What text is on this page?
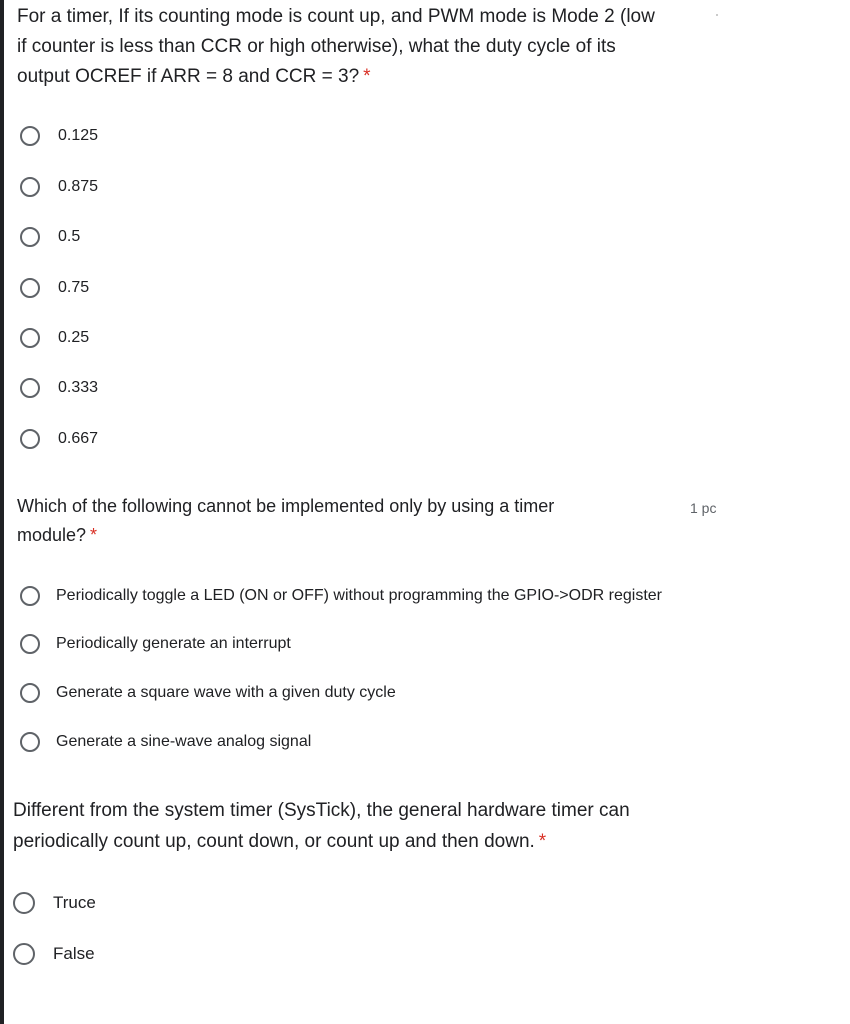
For a timer, If its counting mode is count up, and PWM mode is Mode 2 (low
if counter is less than CCR or high otherwise), what the duty cycle of its
output OCREF if ARR = 8 and CCR = 3? *
0.125
0.875
0.5
0.75
0.25
0.333
0.667
Which of the following cannot be implemented only by using a timer
module? *
1 pc
Periodically toggle a LED (ON or OFF) without programming the GPIO->ODR register
Periodically generate an interrupt
Generate a square wave with a given duty cycle
Generate a sine-wave analog signal
Different from the system timer (SysTick), the general hardware timer can
periodically count up, count down, or count up and then down. *
Truce
False
